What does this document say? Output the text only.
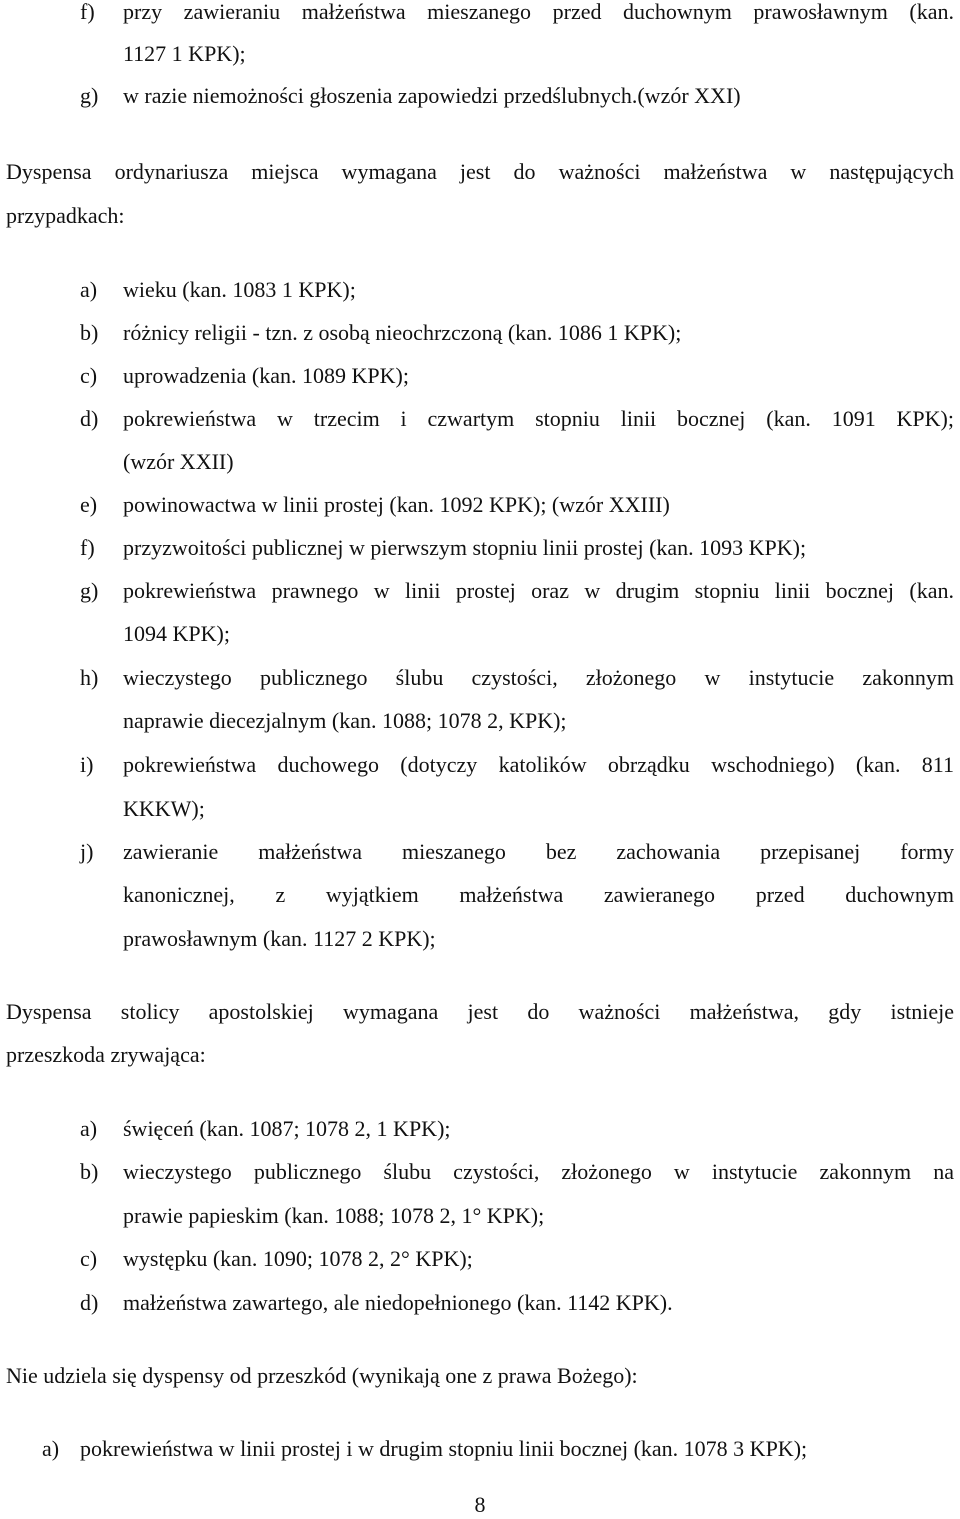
f) przy zawieraniu małżeństwa mieszanego przed duchownym prawosławnym (kan.
1127 1 KPK);
g) w razie niemożności głoszenia zapowiedzi przedślubnych.(wzór XXI)
Dyspensa ordynariusza miejsca wymagana jest do ważności małżeństwa w następujących
przypadkach:
a) wieku (kan. 1083 1 KPK);
b) różnicy religii - tzn. z osobą nieochrzczoną (kan. 1086 1 KPK);
c) uprowadzenia (kan. 1089 KPK);
d) pokrewieństwa w trzecim i czwartym stopniu linii bocznej (kan. 1091 KPK);
(wzór XXII)
e) powinowactwa w linii prostej (kan. 1092 KPK); (wzór XXIII)
f) przyzwoitości publicznej w pierwszym stopniu linii prostej (kan. 1093 KPK);
g) pokrewieństwa prawnego w linii prostej oraz w drugim stopniu linii bocznej (kan.
1094 KPK);
h) wieczystego publicznego ślubu czystości, złożonego w instytucie zakonnym
naprawie diecezjalnym (kan. 1088; 1078 2, KPK);
i) pokrewieństwa duchowego (dotyczy katolików obrządku wschodniego) (kan. 811
KKKW);
j) zawieranie małżeństwa mieszanego bez zachowania przepisanej formy
kanonicznej, z wyjątkiem małżeństwa zawieranego przed duchownym
prawosławnym (kan. 1127 2 KPK);
Dyspensa stolicy apostolskiej wymagana jest do ważności małżeństwa, gdy istnieje
przeszkoda zrywająca:
a) święceń (kan. 1087; 1078 2, 1 KPK);
b) wieczystego publicznego ślubu czystości, złożonego w instytucie zakonnym na
prawie papieskim (kan. 1088; 1078 2, 1° KPK);
c) występku (kan. 1090; 1078 2, 2° KPK);
d) małżeństwa zawartego, ale niedopełnionego (kan. 1142 KPK).
Nie udziela się dyspensy od przeszkód (wynikają one z prawa Bożego):
a) pokrewieństwa w linii prostej i w drugim stopniu linii bocznej (kan. 1078 3 KPK);
8
